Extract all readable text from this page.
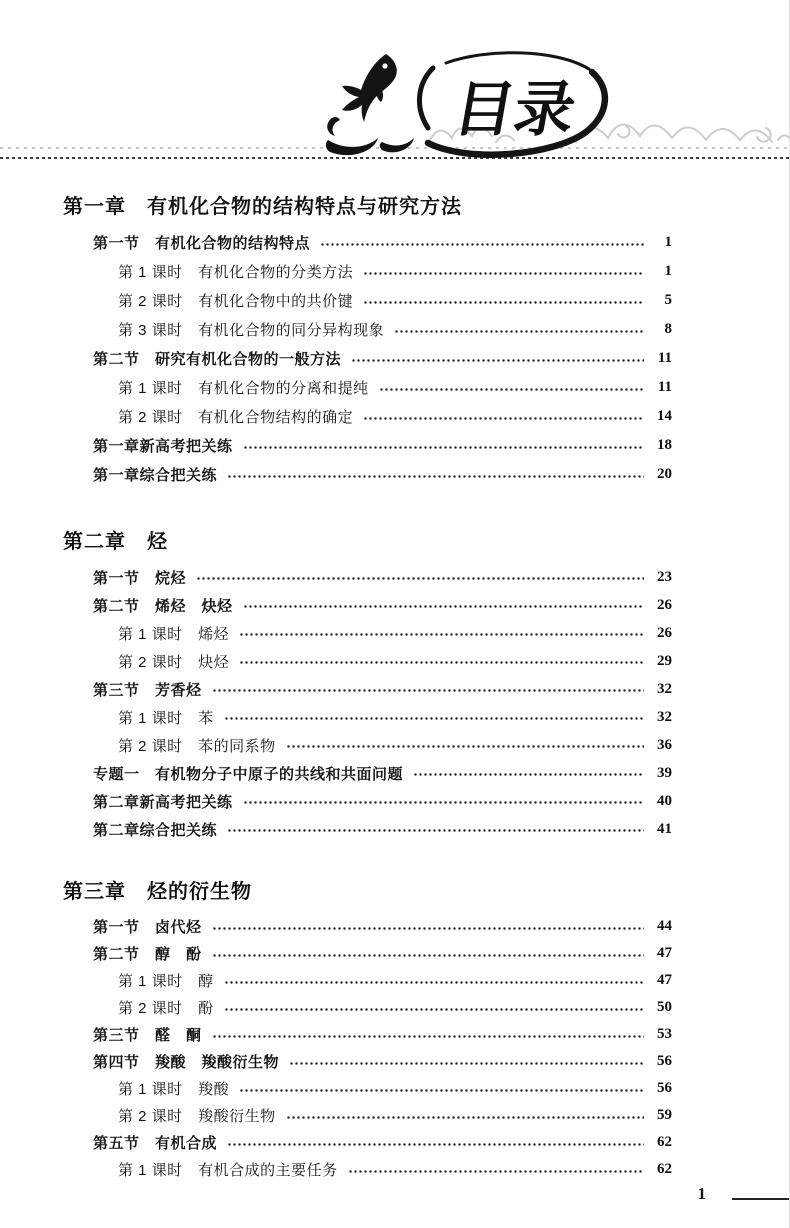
目录
第一章　有机化合物的结构特点与研究方法
第一节　有机化合物的结构特点	1
第 1 课时　有机化合物的分类方法	1
第 2 课时　有机化合物中的共价键	5
第 3 课时　有机化合物的同分异构现象	8
第二节　研究有机化合物的一般方法	11
第 1 课时　有机化合物的分离和提纯	11
第 2 课时　有机化合物结构的确定	14
第一章新高考把关练	18
第一章综合把关练	20
第二章　烃
第一节　烷烃	23
第二节　烯烃　炔烃	26
第 1 课时　烯烃	26
第 2 课时　炔烃	29
第三节　芳香烃	32
第 1 课时　苯	32
第 2 课时　苯的同系物	36
专题一　有机物分子中原子的共线和共面问题	39
第二章新高考把关练	40
第二章综合把关练	41
第三章　烃的衍生物
第一节　卤代烃	44
第二节　醇　酚	47
第 1 课时　醇	47
第 2 课时　酚	50
第三节　醛　酮	53
第四节　羧酸　羧酸衍生物	56
第 1 课时　羧酸	56
第 2 课时　羧酸衍生物	59
第五节　有机合成	62
第 1 课时　有机合成的主要任务	62
1
